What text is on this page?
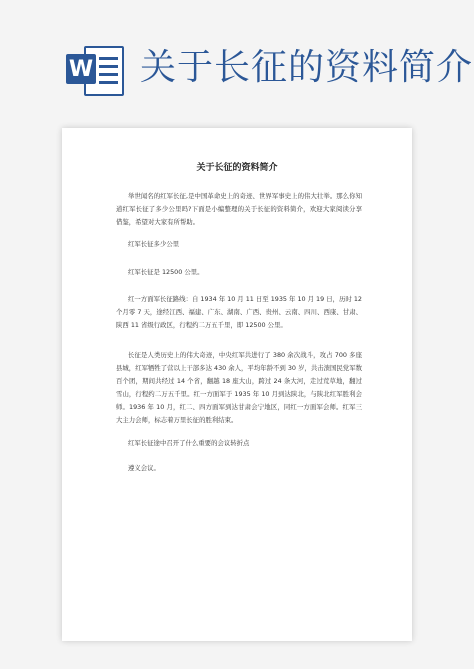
W 关于长征的资料简介
关于长征的资料简介

举世闻名的红军长征,是中国革命史上的奇迹、世界军事史上的伟大壮举。那么你知道红军长征了多少公里吗?下面是小编整理的关于长征的资料简介，欢迎大家阅读分享借鉴，希望对大家有所帮助。

红军长征多少公里

红军长征是 12500 公里。

红一方面军长征路线：自 1934 年 10 月 11 日至 1935 年 10 月 19 日，历时 12 个月零 7 天，途经江西、福建、广东、湖南、广西、贵州、云南、四川、西康、甘肃、陕西 11 省级行政区，行程约二万五千里，即 12500 公里。

长征是人类历史上的伟大奇迹，中央红军共进行了 380 余次战斗，攻占 700 多座县城，红军牺牲了营以上干部多达 430 余人，平均年龄不到 30 岁，共击溃国民党军数百个团，期间共经过 14 个省，翻越 18 座大山，跨过 24 条大河，走过荒草地，翻过雪山，行程约二万五千里。红一方面军于 1935 年 10 月到达陕北，与陕北红军胜利会师。1936 年 10 月，红二、四方面军到达甘肃会宁地区，同红一方面军会师。红军三大主力会师，标志着万里长征的胜利结束。

红军长征途中召开了什么重要的会议转折点

遵义会议。
